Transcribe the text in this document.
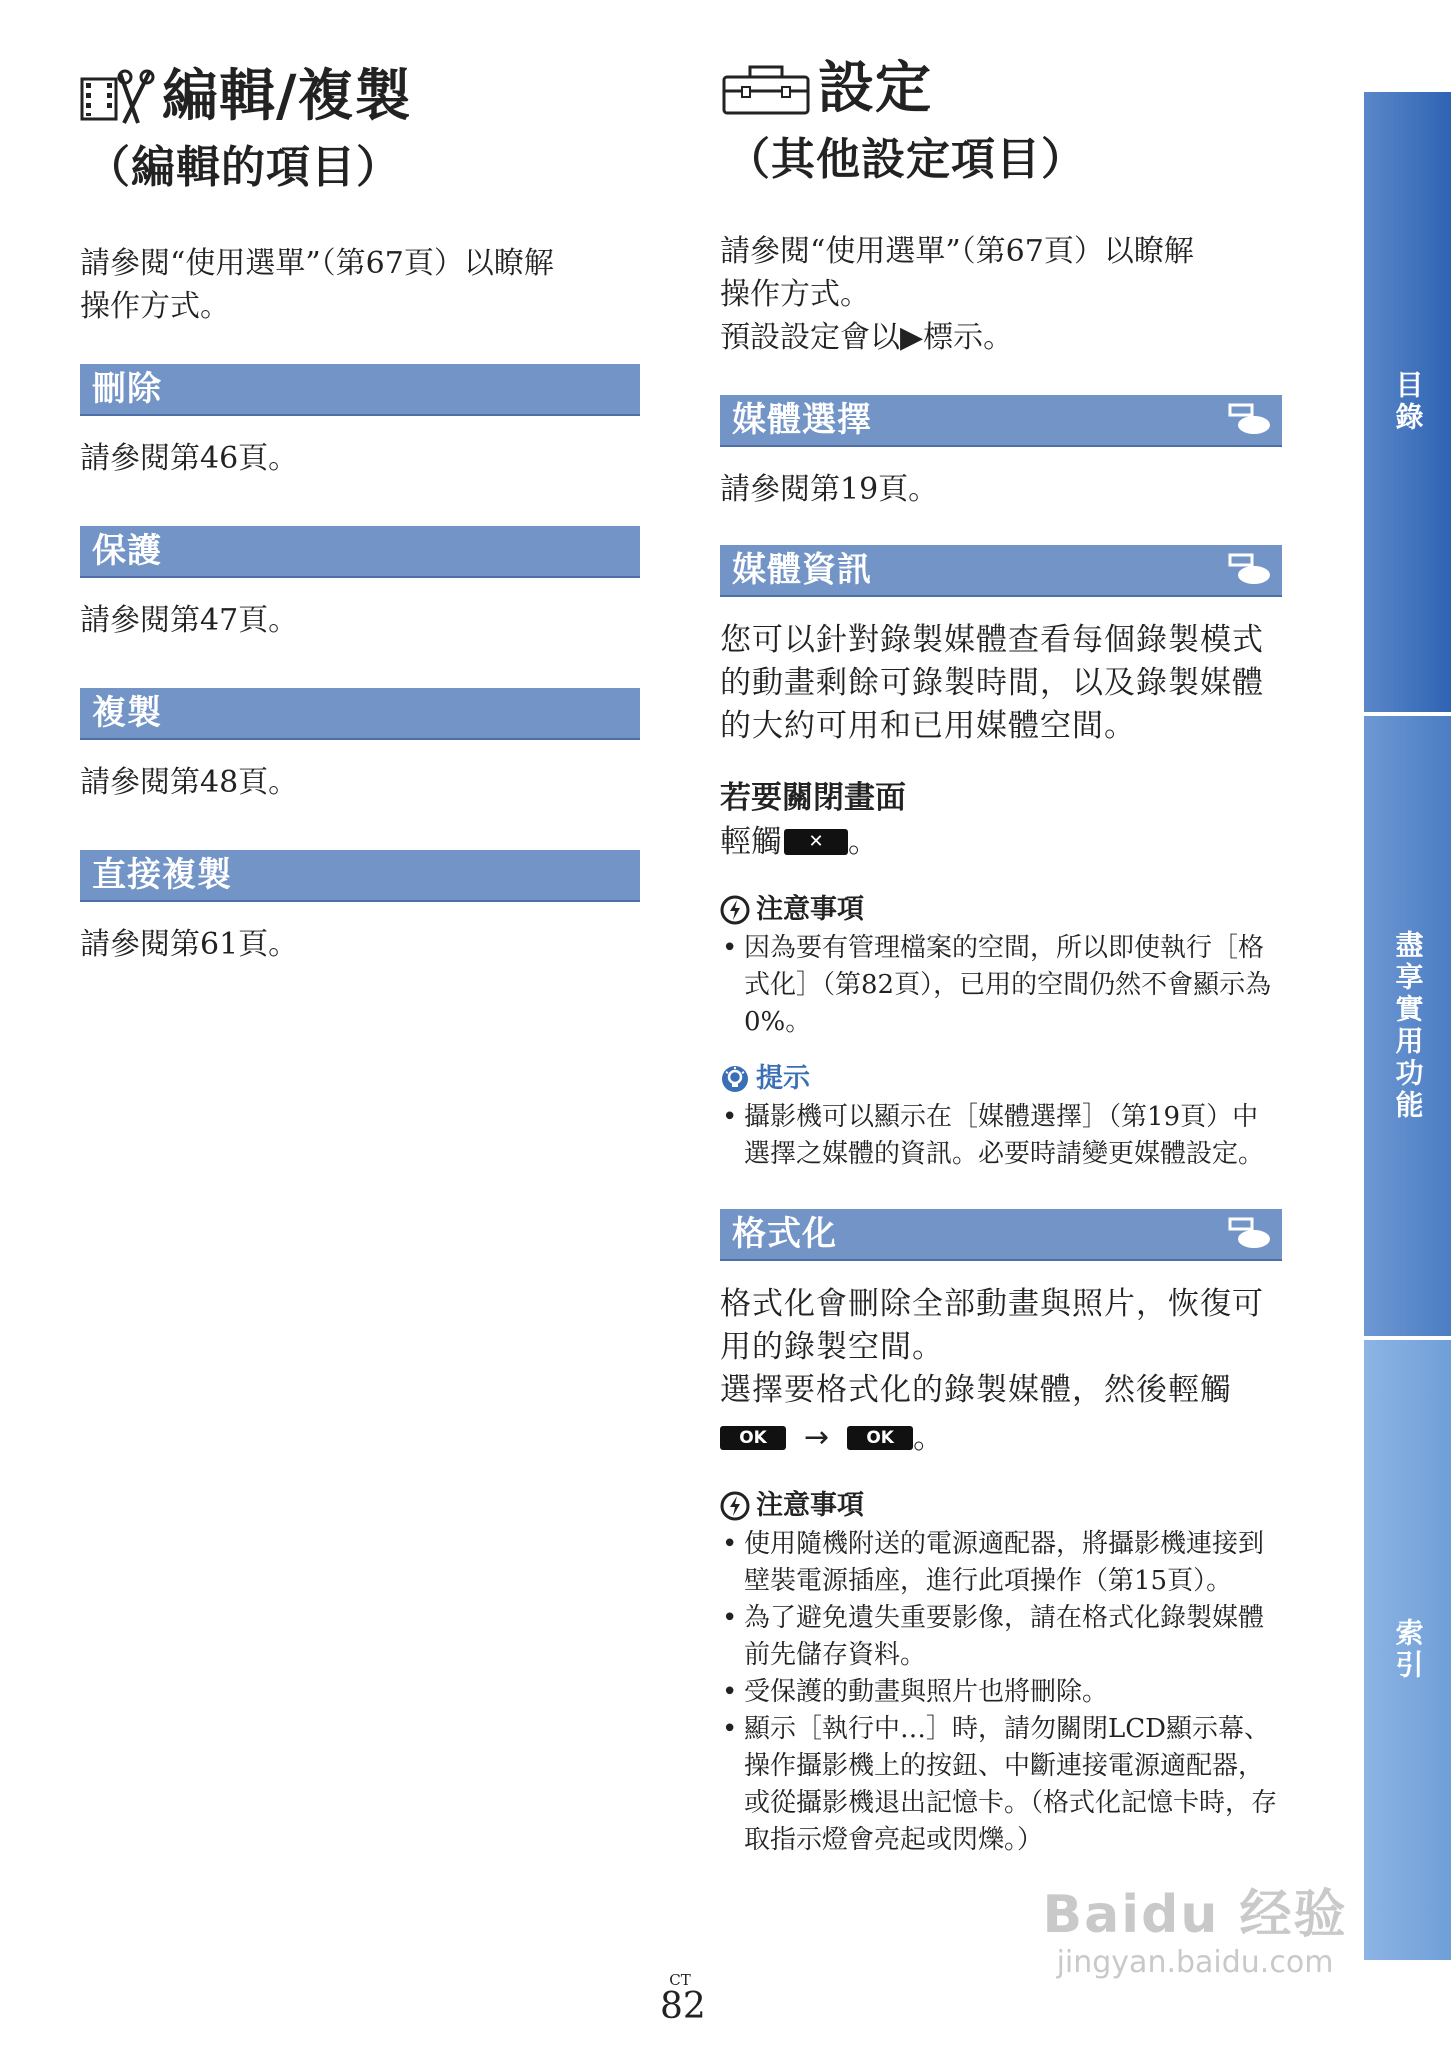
編輯/複製
（編輯的項目）
請參閱“使用選單”（第67頁）以瞭解
操作方式。
刪除
請參閱第46頁。
保護
請參閱第47頁。
複製
請參閱第48頁。
直接複製
請參閱第61頁。
設定
（其他設定項目）
請參閱“使用選單”（第67頁）以瞭解
操作方式。
預設設定會以▶標示。
媒體選擇
請參閱第19頁。
媒體資訊
您可以針對錄製媒體查看每個錄製模式
的動畫剩餘可錄製時間，以及錄製媒體
的大約可用和已用媒體空間。
若要關閉畫面
輕觸	✕ 。
注意事項
• 因為要有管理檔案的空間，所以即使執行［格式化］（第82頁），已用的空間仍然不會顯示為0%。
提示
• 攝影機可以顯示在［媒體選擇］（第19頁）中選擇之媒體的資訊。必要時請變更媒體設定。
格式化
格式化會刪除全部動畫與照片，恢復可
用的錄製空間。
選擇要格式化的錄製媒體，然後輕觸
OK	→	OK 。
注意事項
• 使用隨機附送的電源適配器，將攝影機連接到壁裝電源插座，進行此項操作（第15頁）。
• 為了避免遺失重要影像，請在格式化錄製媒體前先儲存資料。
• 受保護的動畫與照片也將刪除。
• 顯示［執行中…］時，請勿關閉LCD顯示幕、操作攝影機上的按鈕、中斷連接電源適配器，或從攝影機退出記憶卡。（格式化記憶卡時，存取指示燈會亮起或閃爍。）
目錄
盡享實用功能
索引
CT
82
Baidu 经验
jingyan.baidu.com
